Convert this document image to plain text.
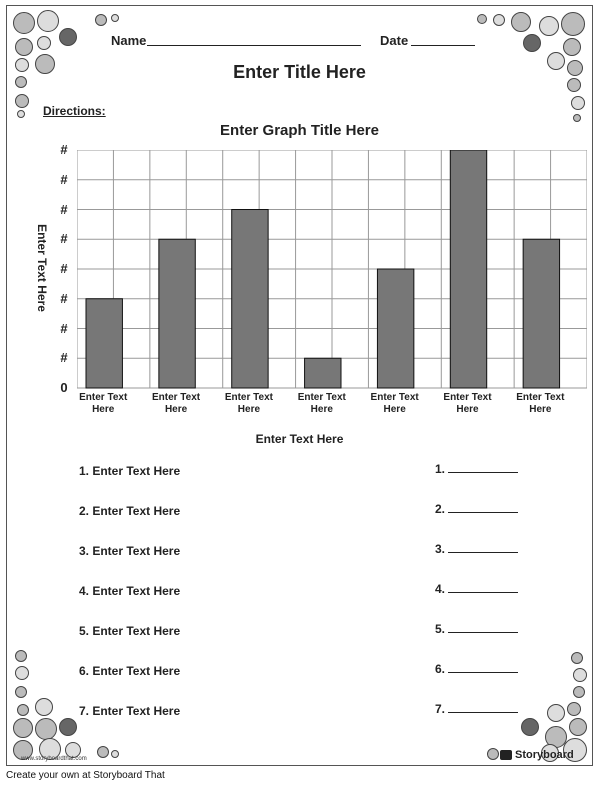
Name	Date
Enter Title Here
Directions:
Enter Graph Title Here
Enter Text Here
0
#
#
#
#
#
#
#
#
Enter Text Here
Enter Text Here
Enter Text Here
Enter Text Here
Enter Text Here
Enter Text Here
Enter Text Here
Enter Text Here
1. Enter Text Here	1.
2. Enter Text Here	2.
3. Enter Text Here	3.
4. Enter Text Here	4.
5. Enter Text Here	5.
6. Enter Text Here	6.
7. Enter Text Here	7.
www.storyboardthat.com	Storyboard
Create your own at Storyboard That
